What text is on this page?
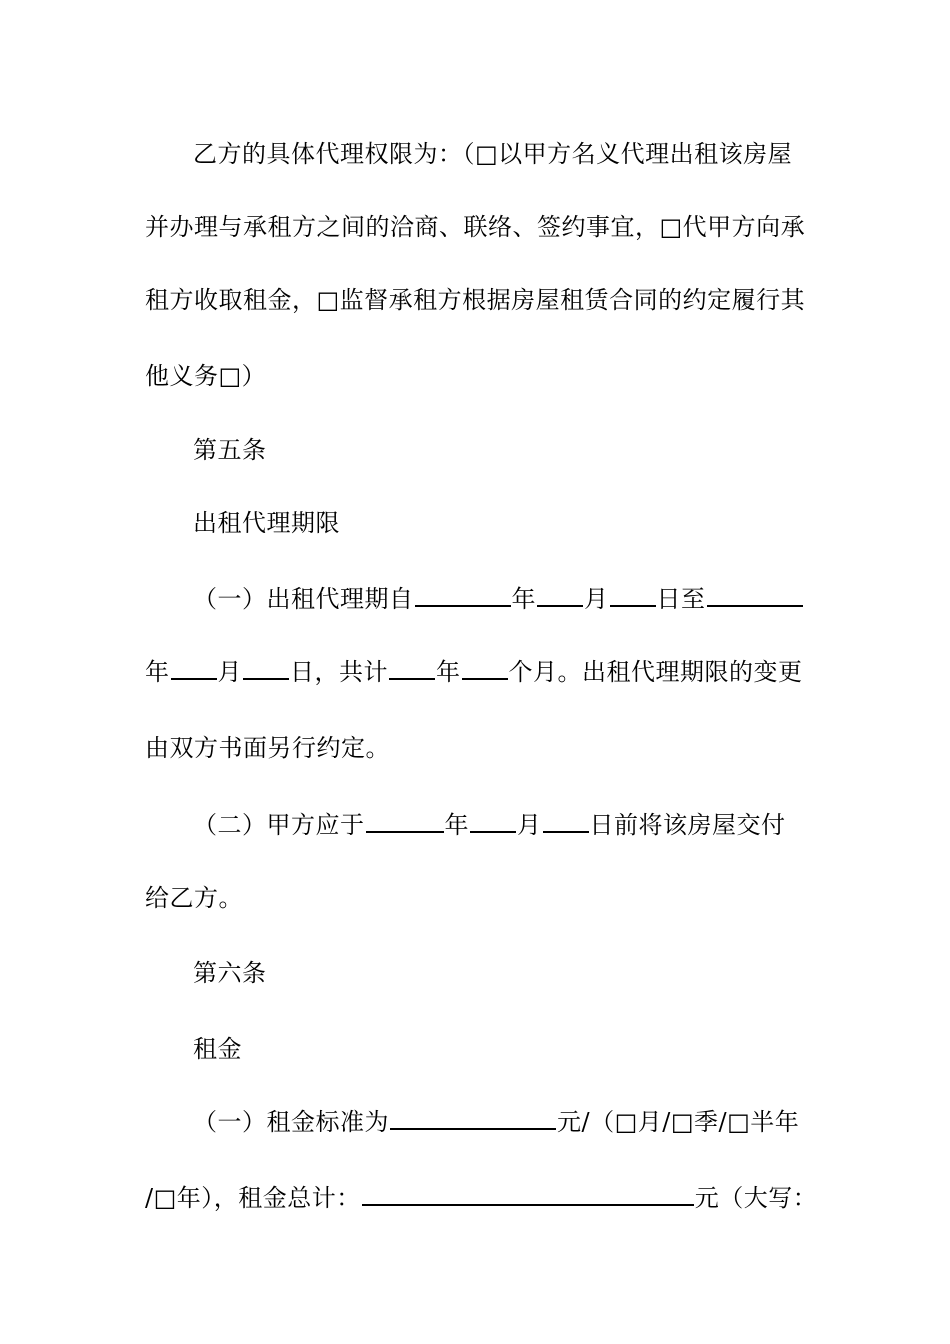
乙方的具体代理权限为：（□以甲方名义代理出租该房屋
并办理与承租方之间的洽商、联络、签约事宜，□代甲方向承
租方收取租金，□监督承租方根据房屋租赁合同的约定履行其
他义务□）
第五条
出租代理期限
（一）出租代理期自	年 月 日至
年 月 日，共计 年 个月。出租代理期限的变更
由双方书面另行约定。
（二）甲方应于	年 月 日前将该房屋交付
给乙方。
第六条
租金
（一）租金标准为	元/（□月/□季/□半年
/□年），租金总计：	元（大写：
